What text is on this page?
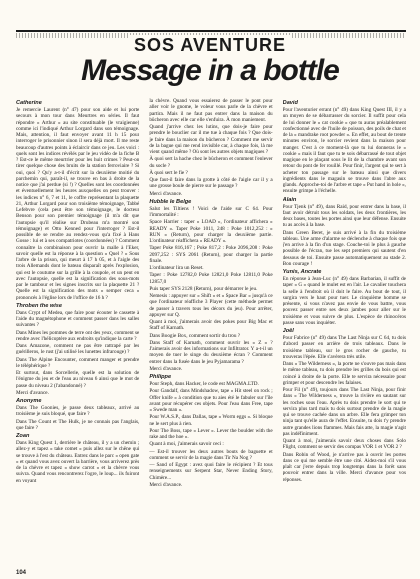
SOS AVENTURE
Message in a bottle
Catherine

Je remercie Laurent (n° 47) pour son aide et lui porte secours à mon tour dans Meurtres en séries. Il faut répondre « Arthur » au site constituable (le vraigienne) comme ici l'indiqué Arthur Lorgard dans son témoignage. Mais, attention, il faut envoyer avant 11 h 15 pour interroger le prisonnier sinon il sera déjà mort. Il me reste beaucoup d'autres points à éclaircir dans ce jeu. Les voici : quels sont les indices révélés par le jeu vidéo de la fiche B ? Est-ce le même meurtrier pour les huit crimes ? Peut-on tirer quelque chose des bruits de la station ferroviaire ? Si oui, quoi ? Qu'y a-t-il d'écrit sur la deuxième moitié du parchemin qui, paraît-il, se trouve en bas à droite de la notice que j'ai perdue (si !) ? Quelles sont les coordonnées et éventuellement les heures auxquelles on peut trouver : les indices n° 6, 7 et 11, le coffre représentant la plaquette 21, Arthur Lorgard pour son troisième témoignage, Tabbé Lefebvre (cela peut être son témoignage, le docteur Benson pour son premier témoignage (il m'a dit que l'autopsie qu'il réalise sur Drubeau m'a montré son témoignage) et Otto Kenned pour l'interroger ? Est-il possible de se rendre au rendez-vous qu'a fixé à Hans Gosse : lui et à ses compatriotes (coordonnées) ? Comment connaître la combinaison pour ouvrir la malle à l'Eker, savoir quelle est la réponse à la question « Quel ? » Sous l'arbre de la prison, qui meurt à 17 h 05, et à l'aigle des trois Allemands dont le bateau disparaît après l'explosion, qui est le coutume sur la grille à la coupole, et un peut en avec l'autopsie, quelle est la signification des sous-mots par le tambour et les signes inscrits sur la plaquette 21 ? Quelle est la signification des mots « semper ceca » prononcés à l'église lors de l'office de 16 h ?

Throben the wise

Dans Crypt of Medea, que faire pour écouter le cassette à l'aide du magnétophone et comment passer dans les salles suivantes ?

Dans Mines les pommes de terre ont des yeux, comment se rendre avec l'hélicoptère aux endroits qu'indique la carte ?

Dans Amazone, comment ne pas être rattrapé par les guérilleros, le rust (j'ai utilisé les lunettes infrarouge) ?

Dans The Alpine Encounter, comment manger et prendre le téléphérique ?

Et surtout, dans Sorcellerie, quelle est la solution de l'énigme du jeu et de l'eau au niveau 6 ainsi que le mot de passe du niveau 2 (l'abandonné) ?

Merci d'avance.

Anonyme

Dans The Goonies, je passe deux tableaux, arrivé au troisième je suis bloqué, que faire ?

Dans The Count et The Hulk, je ne connais pas l'anglais, que faire ?

Zoan

Dans King Quest 1, derrière le château, il y a un chemin ; allez-y et tapez « take comet » puis allez sur le chêne qui se trouve à l'est du château. Entrez dans le parc « open gate » et quand vous avez ouvert la barrière, vous arriverez près de la chèvre et tapez « show carrot » et la chèvre vous suivra. Quand vous rencontrerez l'ogre, le loup... ils fuiront en voyant

la chèvre. Quand vous essaierez de passer le pont pour aller voir le gnome, le voleur vous parle de la chèvre et partira. Mais il ne faut pas entrer dans la maison du bûcheron avec elle car elle s'enfuira. À mon maniement.

Quand j'arrive chez les lutins, que dois-je faire pour prendre le bouclier car il me tue à chaque fois ? Que dois-je faire dans la maison du bûcheron ? Comment me servir de la bague qui me rend invisible car, à chaque fois, là me vient quand même ? Où sont les autres objets magiques ?

À quoi sert la hache chez le bûcheron et comment l'enlever du socle ?

À quoi sert le fie ?

Que faut-il faire dans la grotte à côté de l'aigle car il y a une grosse boule de pierre sur le passage ?

Merci d'avance.

Hubble le Belge

Salut les Tiltiens ! Voici de l'aide sur C 64. Pour l'immortalité :

Space Harrier : taper « LOAD », l'ordinateur affichera « READY ». Taper Poke 1011, 248 : Poke 1012,252 : « RUN » (Return), pour charger la deuxième partie. L'ordinateur réaffichera « READY ».

Taper Poke 816,167 ; Poke 817,2 : Poke 2096,208 : Poke 2097,252 : SYS 2061 (Return), pour charger la partie finale.

L'ordinateur lira un Reset.

Taper : Poke 12782,0 Poke 12821,0 Poke 12811,0 Poke 12857,0

Puis taper SYS 2128 (Return), pour démarrer le jeu.

Nemesis : appuyer sur « Shift » et « Space Bar » jusqu'à ce que l'ordinateur réaffiche 3 Player (cette méthode permet de passer à travers tous les décors du jeu). Pour arrêter, appuyer sur Q.

Quant à moi, j'aimerais avoir des pokes pour Big Mac et Staff of Karnath.

Dans Boogie Box, comment sortir du trou ?

Dans Staff of Karnath, comment ouvrir les « Z » ? J'aimerais avoir des informations sur Infiltrator. Y a-t-il un moyen de tuer le singe du deuxième écran ? Comment entrer dans la fusée dans le jeu Pyjamarama ?

Merci d'avance.

Philippe

Pour Steph, dans Hacker, le code est MAGMA.LTD.

Pour Gandalf, dans Mindshadow, tape « Hit steel on rock ; Offer knife » à condition que tu aies été le fabuler sur l'île avant pour récupérer ces objets. Pour l'eau dans Free, tape « Swede man ».

Pour W.A.S.P., dans Dallas, tape « Worm eggs ». Si bloque ne le sert plus à rien.

Pour The Boss, tape « Lever ». Lever the boulder with the rake and the hoe ».

Quant à moi, j'aimerais savoir ceci :

— Est-il trouver les deux autres bouts de baguette et comment se servir de la magie dans Tir Na Nog ?

— Sand of Egypt : avez quoi faire le récipient ? Et tous renseignements sur Serpent Star, Never Ending Story, Chimère...

Merci d'avance.

David

Pour l'aventurier errant (n° 49) dans King Quest III, il y a un moyen de se débarrasser du sorcier. Il suffit pour cela de lui donner le « cat cookie » que tu auras préalablement confectionné avec de l'huile de poisson, des poils de chat et de la « mandrake root powder ». En effet, au bout de trente minutes environ, le sorcier revient dans la maison pour manger. C'est à ce moment-là que tu lui donneras le « cookie » mais il faut que tu te sois débarrassé de tout objet magique en le plaçant sous le lit de la chambre avant son retour du pont de fer rouillé. Pour finir, l'argent qui te sert à acheter ton passage sur le bateau ainsi que divers ingrédients dans le magasin se trouve dans l'abre aux glands. Approche-toi de l'arbre et tape « Put hand in hole », ensuite grimpe à l'échelle.

Alain

Pour Tjenk (n° 49), dans Raid, pour entrer dans la base, il faut avoir détruit tous les soldats, les deux frontières, les deux bases, toutes les portes ainsi que leur défense. Ensuite tu as accès à la base.

Dans Green Beret, je suis arrivé à la fin du troisième tableau. Une arme d'alarme se déclenche à chaque fois que j'en arrive à la fin d'un stage. Couche-toi le plus à gauche possible de l'écran, tue les sept premiers qui sautent d'en dessous de toi. Ensuite passe automatiquement au stade 2. Bon courage !

Yunis, Ancrate

En réponse à Jean-Luc (n° 49) dans Barbarian, il suffit de taper « G » quand le mulet est en l'air. Le cavalier touchera la selle à l'endroit où il doit le faire. Au bout de tout, il surgira vers le haut pour tuer. Le cinquième homme se présente, si vous n'avez pas envie de vous battre, vous pouvez passer entre ses deux jambes pour aller sur le troisième et vous suivre de plus. L'espèce de rhinocéros passe sans vous inquiéter.

Joël

Pour Fabrice (n° 49) dans The Last Ninja sur C 64, tu dois d'abord passer en arrière de trois tableaux. Dans le troisième tableau, sur le gros rocher de gauche, tu trouveras l'épée. Elle s'avèrera très utile.

Dans « The Wilderness », la porte ne s'ouvre pas mais dans le même tableau, tu dois prendre les grilles du bois qui est coincé à droite de la porte. Elle te servira nécessaire pour grimper et pour descendre les falaises.

Pour Fil (n° 49), toujours dans The Last Ninja, pour finir dans « The Wilderness », trouve la rivière en sautant sur les roches sous l'eau. Après tu dois prendre le sort qui te servira plus tard mais tu dois surtout prendre de la magie qui se trouve cachée dans un arbre. Elle fera grimper ton ninja tant qu'elle aura de l'effet. Ensuite, tu dois t'y prendre autre grandes lions flammes. Mais fais atte, la magie n'agit pas indéfiniment.

Quant à moi, j'aimerais savoir deux choses dans Solo Flight, comment se servir des compas VOR 1 et VOR 2 ?

Dans Robin of Wood, je n'arrive pas à ouvrir les portes dans ce qui me semble être une cité. Aidez-moi s'il vous plaît car j'erre depuis trop longtemps dans la forêt sans pouvoir entrer dans la ville. Merci d'avance pour vos réponses.

104
